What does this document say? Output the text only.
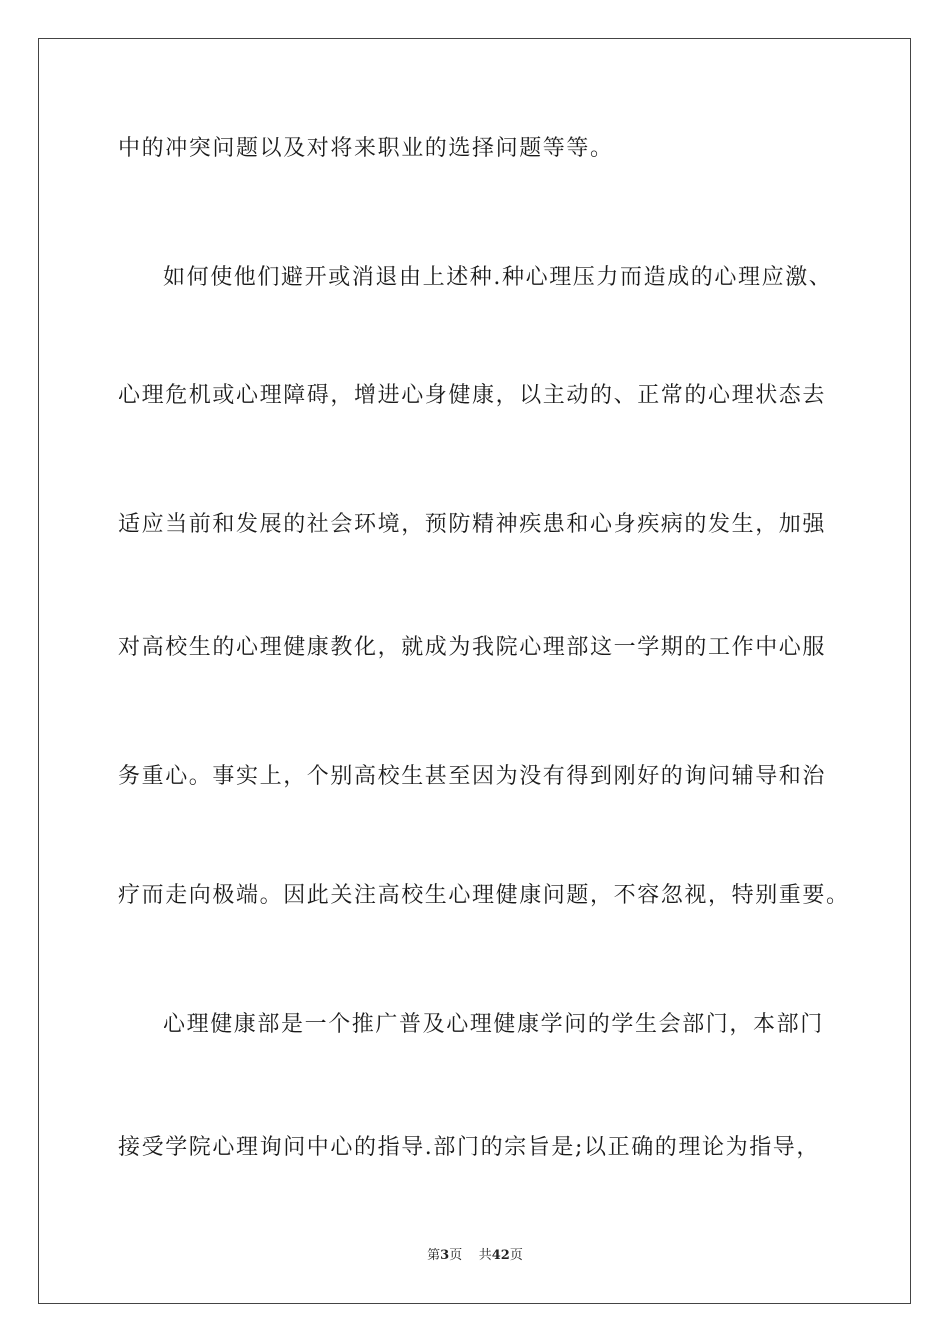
中的冲突问题以及对将来职业的选择问题等等。
如何使他们避开或消退由上述种.种心理压力而造成的心理应激、
心理危机或心理障碍，增进心身健康，以主动的、正常的心理状态去
适应当前和发展的社会环境，预防精神疾患和心身疾病的发生，加强
对高校生的心理健康教化，就成为我院心理部这一学期的工作中心服
务重心。事实上，个别高校生甚至因为没有得到刚好的询问辅导和治
疗而走向极端。因此关注高校生心理健康问题，不容忽视，特别重要。
心理健康部是一个推广普及心理健康学问的学生会部门，本部门
接受学院心理询问中心的指导.部门的宗旨是;以正确的理论为指导，
第3页 共42页
